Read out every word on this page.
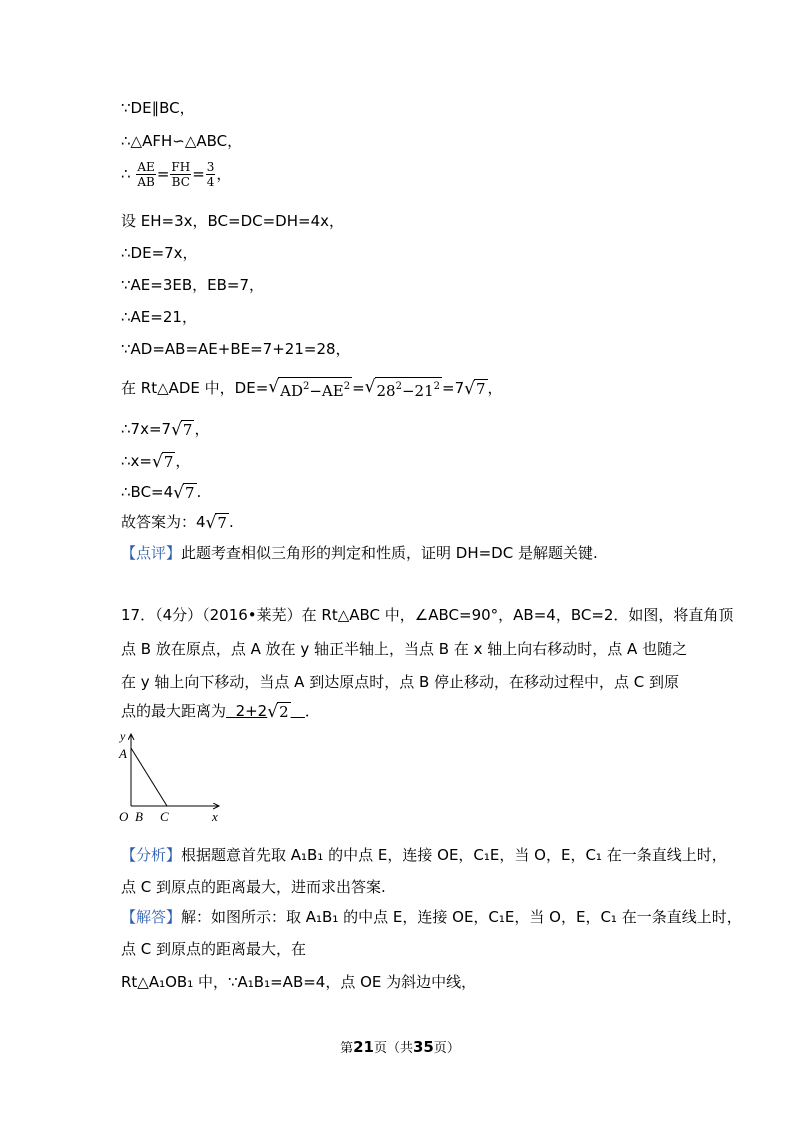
∵DE∥BC，
∴△AFH∽△ABC，
∴ $\frac{AE}{AB} = \frac{FH}{BC} = \frac{3}{4}$ ，
设 EH=3x，BC=DC=DH=4x，
∴DE=7x，
∵AE=3EB，EB=7，
∴AE=21，
∵AD=AB=AE+BE=7+21=28，
在 Rt△ADE 中，DE= √ $AD^2-AE^2$ = √ $28^2-21^2 =7$ √ 7 ，
∴7x=7 √ 7 ，
∴x= √ 7 ，
∴BC=4 √ 7 .
故答案为：4 √ 7 .
【点评】此题考查相似三角形的判定和性质，证明 DH=DC 是解题关键.
17．（4分）（2016•莱芜）在 Rt△ABC 中，∠ABC=90°，AB=4，BC=2．如图，将直角顶
点 B 放在原点，点 A 放在 y 轴正半轴上，当点 B 在 x 轴上向右移动时，点 A 也随之
在 y 轴上向下移动，当点 A 到达原点时，点 B 停止移动，在移动过程中，点 C 到原
点的最大距离为 2+2 √ 2 ．
y
A
O B C	x
【分析】根据题意首先取 A₁B₁ 的中点 E，连接 OE，C₁E，当 O，E，C₁ 在一条直线上时，
点 C 到原点的距离最大，进而求出答案.
【解答】解：如图所示：取 A₁B₁ 的中点 E，连接 OE，C₁E，当 O，E，C₁ 在一条直线上时，
点 C 到原点的距离最大，在
Rt△A₁OB₁ 中，∵A₁B₁=AB=4，点 OE 为斜边中线，
第21页（共35页）
